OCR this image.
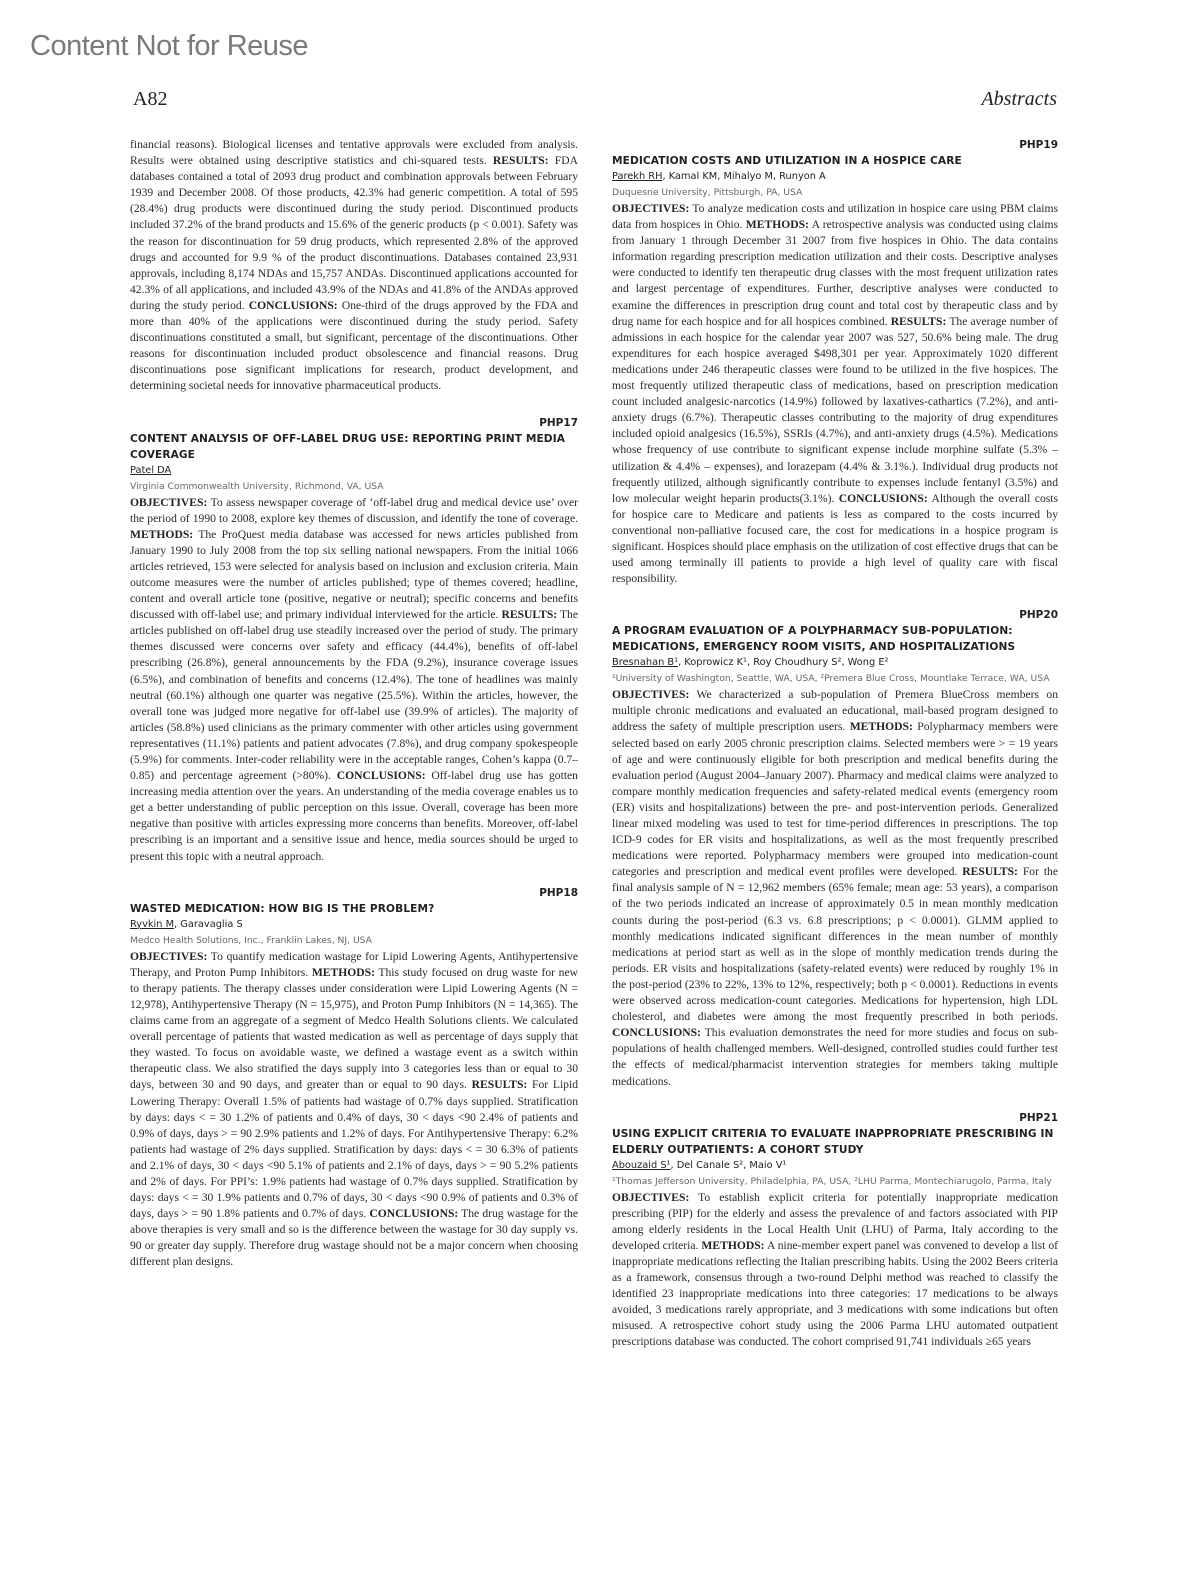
Content Not for Reuse
A82	Abstracts

financial reasons). Biological licenses and tentative approvals were excluded from analysis. Results were obtained using descriptive statistics and chi-squared tests. RESULTS: FDA databases contained a total of 2093 drug product and combination approvals between February 1939 and December 2008. Of those products, 42.3% had generic competition. A total of 595 (28.4%) drug products were discontinued during the study period. Discontinued products included 37.2% of the brand products and 15.6% of the generic products (p < 0.001). Safety was the reason for discontinuation for 59 drug products, which represented 2.8% of the approved drugs and accounted for 9.9 % of the product discontinuations. Databases contained 23,931 approvals, including 8,174 NDAs and 15,757 ANDAs. Discontinued applications accounted for 42.3% of all applications, and included 43.9% of the NDAs and 41.8% of the ANDAs approved during the study period. CONCLUSIONS: One-third of the drugs approved by the FDA and more than 40% of the applications were discontinued during the study period. Safety discontinuations constituted a small, but significant, percentage of the discontinuations. Other reasons for discontinuation included product obsolescence and financial reasons. Drug discontinuations pose significant implications for research, product development, and determining societal needs for innovative pharmaceutical products.

PHP17
CONTENT ANALYSIS OF OFF-LABEL DRUG USE: REPORTING PRINT MEDIA COVERAGE
Patel DA
Virginia Commonwealth University, Richmond, VA, USA

OBJECTIVES: To assess newspaper coverage of ‘off-label drug and medical device use’ over the period of 1990 to 2008, explore key themes of discussion, and identify the tone of coverage. METHODS: The ProQuest media database was accessed for news articles published from January 1990 to July 2008 from the top six selling national newspapers. From the initial 1066 articles retrieved, 153 were selected for analysis based on inclusion and exclusion criteria. Main outcome measures were the number of articles published; type of themes covered; headline, content and overall article tone (positive, negative or neutral); specific concerns and benefits discussed with off-label use; and primary individual interviewed for the article. RESULTS: The articles published on off-label drug use steadily increased over the period of study. The primary themes discussed were concerns over safety and efficacy (44.4%), benefits of off-label prescribing (26.8%), general announcements by the FDA (9.2%), insurance coverage issues (6.5%), and combination of benefits and concerns (12.4%). The tone of headlines was mainly neutral (60.1%) although one quarter was negative (25.5%). Within the articles, however, the overall tone was judged more negative for off-label use (39.9% of articles). The majority of articles (58.8%) used clinicians as the primary commenter with other articles using government representatives (11.1%) patients and patient advocates (7.8%), and drug company spokespeople (5.9%) for comments. Inter-coder reliability were in the acceptable ranges, Cohen’s kappa (0.7–0.85) and percentage agreement (>80%). CONCLUSIONS: Off-label drug use has gotten increasing media attention over the years. An understanding of the media coverage enables us to get a better understanding of public perception on this issue. Overall, coverage has been more negative than positive with articles expressing more concerns than benefits. Moreover, off-label prescribing is an important and a sensitive issue and hence, media sources should be urged to present this topic with a neutral approach.

PHP18
WASTED MEDICATION: HOW BIG IS THE PROBLEM?
Ryvkin M, Garavaglia S
Medco Health Solutions, Inc., Franklin Lakes, NJ, USA

OBJECTIVES: To quantify medication wastage for Lipid Lowering Agents, Antihypertensive Therapy, and Proton Pump Inhibitors. METHODS: This study focused on drug waste for new to therapy patients. The therapy classes under consideration were Lipid Lowering Agents (N = 12,978), Antihypertensive Therapy (N = 15,975), and Proton Pump Inhibitors (N = 14,365). The claims came from an aggregate of a segment of Medco Health Solutions clients. We calculated overall percentage of patients that wasted medication as well as percentage of days supply that they wasted. To focus on avoidable waste, we defined a wastage event as a switch within therapeutic class. We also stratified the days supply into 3 categories less than or equal to 30 days, between 30 and 90 days, and greater than or equal to 90 days. RESULTS: For Lipid Lowering Therapy: Overall 1.5% of patients had wastage of 0.7% days supplied. Stratification by days: days < = 30 1.2% of patients and 0.4% of days, 30 < days <90 2.4% of patients and 0.9% of days, days > = 90 2.9% patients and 1.2% of days. For Antihypertensive Therapy: 6.2% patients had wastage of 2% days supplied. Stratification by days: days < = 30 6.3% of patients and 2.1% of days, 30 < days <90 5.1% of patients and 2.1% of days, days > = 90 5.2% patients and 2% of days. For PPI’s: 1.9% patients had wastage of 0.7% days supplied. Stratification by days: days < = 30 1.9% patients and 0.7% of days, 30 < days <90 0.9% of patients and 0.3% of days, days > = 90 1.8% patients and 0.7% of days. CONCLUSIONS: The drug wastage for the above therapies is very small and so is the difference between the wastage for 30 day supply vs. 90 or greater day supply. Therefore drug wastage should not be a major concern when choosing different plan designs.

PHP19
MEDICATION COSTS AND UTILIZATION IN A HOSPICE CARE
Parekh RH, Kamal KM, Mihalyo M, Runyon A
Duquesne University, Pittsburgh, PA, USA

OBJECTIVES: To analyze medication costs and utilization in hospice care using PBM claims data from hospices in Ohio. METHODS: A retrospective analysis was conducted using claims from January 1 through December 31 2007 from five hospices in Ohio. The data contains information regarding prescription medication utilization and their costs. Descriptive analyses were conducted to identify ten therapeutic drug classes with the most frequent utilization rates and largest percentage of expenditures. Further, descriptive analyses were conducted to examine the differences in prescription drug count and total cost by therapeutic class and by drug name for each hospice and for all hospices combined. RESULTS: The average number of admissions in each hospice for the calendar year 2007 was 527, 50.6% being male. The drug expenditures for each hospice averaged $498,301 per year. Approximately 1020 different medications under 246 therapeutic classes were found to be utilized in the five hospices. The most frequently utilized therapeutic class of medications, based on prescription medication count included analgesic-narcotics (14.9%) followed by laxatives-cathartics (7.2%), and anti-anxiety drugs (6.7%). Therapeutic classes contributing to the majority of drug expenditures included opioid analgesics (16.5%), SSRIs (4.7%), and anti-anxiety drugs (4.5%). Medications whose frequency of use contribute to significant expense include morphine sulfate (5.3% – utilization & 4.4% – expenses), and lorazepam (4.4% & 3.1%.). Individual drug products not frequently utilized, although significantly contribute to expenses include fentanyl (3.5%) and low molecular weight heparin products(3.1%). CONCLUSIONS: Although the overall costs for hospice care to Medicare and patients is less as compared to the costs incurred by conventional non-palliative focused care, the cost for medications in a hospice program is significant. Hospices should place emphasis on the utilization of cost effective drugs that can be used among terminally ill patients to provide a high level of quality care with fiscal responsibility.

PHP20
A PROGRAM EVALUATION OF A POLYPHARMACY SUB-POPULATION: MEDICATIONS, EMERGENCY ROOM VISITS, AND HOSPITALIZATIONS
Bresnahan B¹, Koprowicz K¹, Roy Choudhury S², Wong E²
¹University of Washington, Seattle, WA, USA, ²Premera Blue Cross, Mountlake Terrace, WA, USA

OBJECTIVES: We characterized a sub-population of Premera BlueCross members on multiple chronic medications and evaluated an educational, mail-based program designed to address the safety of multiple prescription users. METHODS: Polypharmacy members were selected based on early 2005 chronic prescription claims. Selected members were > = 19 years of age and were continuously eligible for both prescription and medical benefits during the evaluation period (August 2004–January 2007). Pharmacy and medical claims were analyzed to compare monthly medication frequencies and safety-related medical events (emergency room (ER) visits and hospitalizations) between the pre- and post-intervention periods. Generalized linear mixed modeling was used to test for time-period differences in prescriptions. The top ICD-9 codes for ER visits and hospitalizations, as well as the most frequently prescribed medications were reported. Polypharmacy members were grouped into medication-count categories and prescription and medical event profiles were developed. RESULTS: For the final analysis sample of N = 12,962 members (65% female; mean age: 53 years), a comparison of the two periods indicated an increase of approximately 0.5 in mean monthly medication counts during the post-period (6.3 vs. 6.8 prescriptions; p < 0.0001). GLMM applied to monthly medications indicated significant differences in the mean number of monthly medications at period start as well as in the slope of monthly medication trends during the periods. ER visits and hospitalizations (safety-related events) were reduced by roughly 1% in the post-period (23% to 22%, 13% to 12%, respectively; both p < 0.0001). Reductions in events were observed across medication-count categories. Medications for hypertension, high LDL cholesterol, and diabetes were among the most frequently prescribed in both periods. CONCLUSIONS: This evaluation demonstrates the need for more studies and focus on sub-populations of health challenged members. Well-designed, controlled studies could further test the effects of medical/pharmacist intervention strategies for members taking multiple medications.

PHP21
USING EXPLICIT CRITERIA TO EVALUATE INAPPROPRIATE PRESCRIBING IN ELDERLY OUTPATIENTS: A COHORT STUDY
Abouzaid S¹, Del Canale S², Maio V¹
¹Thomas Jefferson University, Philadelphia, PA, USA, ²LHU Parma, Montechiarugolo, Parma, Italy

OBJECTIVES: To establish explicit criteria for potentially inappropriate medication prescribing (PIP) for the elderly and assess the prevalence of and factors associated with PIP among elderly residents in the Local Health Unit (LHU) of Parma, Italy according to the developed criteria. METHODS: A nine-member expert panel was convened to develop a list of inappropriate medications reflecting the Italian prescribing habits. Using the 2002 Beers criteria as a framework, consensus through a two-round Delphi method was reached to classify the identified 23 inappropriate medications into three categories: 17 medications to be always avoided, 3 medications rarely appropriate, and 3 medications with some indications but often misused. A retrospective cohort study using the 2006 Parma LHU automated outpatient prescriptions database was conducted. The cohort comprised 91,741 individuals ≥65 years
